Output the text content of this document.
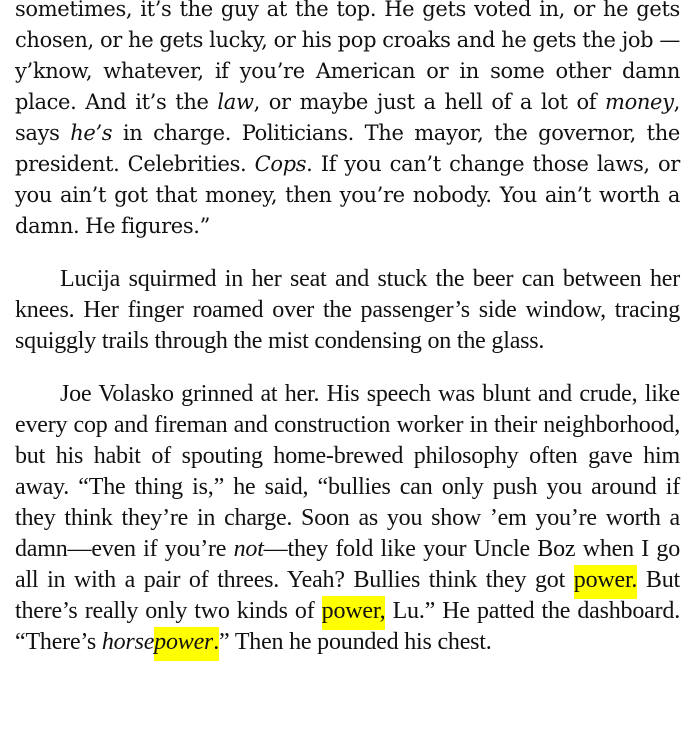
sometimes, it’s the guy at the top. He gets voted in, or he gets chosen, or he gets lucky, or his pop croaks and he gets the job —y’know, whatever, if you’re American or in some other damn place. And it’s the law, or maybe just a hell of a lot of money, says he’s in charge. Politicians. The mayor, the governor, the president. Celebrities. Cops. If you can’t change those laws, or you ain’t got that money, then you’re nobody. You ain’t worth a damn. He figures.”

Lucija squirmed in her seat and stuck the beer can between her knees. Her finger roamed over the passenger’s side window, tracing squiggly trails through the mist condensing on the glass.

Joe Volasko grinned at her. His speech was blunt and crude, like every cop and fireman and construction worker in their neighborhood, but his habit of spouting home-brewed philosophy often gave him away. “The thing is,” he said, “bullies can only push you around if they think they’re in charge. Soon as you show ’em you’re worth a damn—even if you’re not—they fold like your Uncle Boz when I go all in with a pair of threes. Yeah? Bullies think they got power. But there’s really only two kinds of power, Lu.” He patted the dashboard. “There’s horsepower.” Then he pounded his chest.
